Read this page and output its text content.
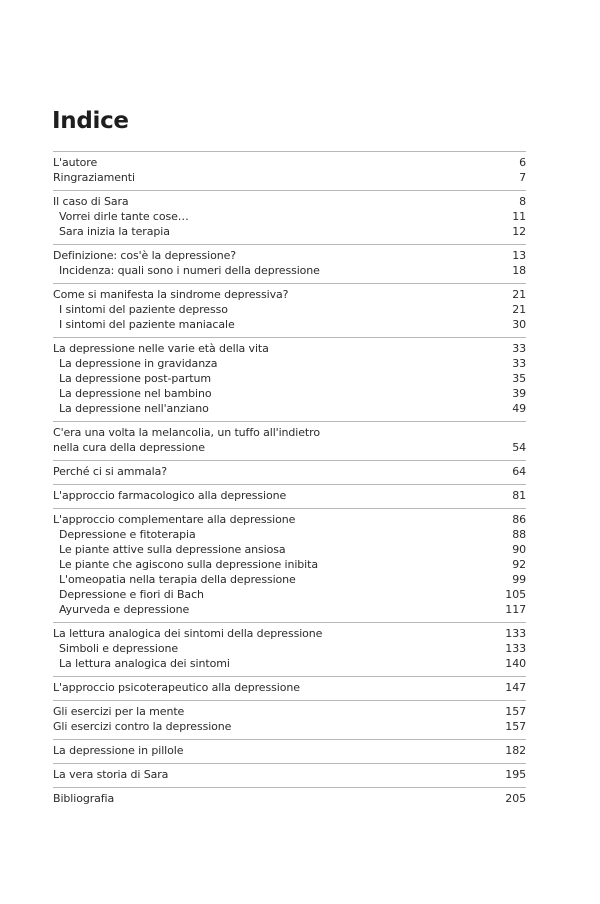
Indice
L'autore	6
Ringraziamenti	7
Il caso di Sara	8
Vorrei dirle tante cose…	11
Sara inizia la terapia	12
Definizione: cos'è la depressione?	13
Incidenza: quali sono i numeri della depressione	18
Come si manifesta la sindrome depressiva?	21
I sintomi del paziente depresso	21
I sintomi del paziente maniacale	30
La depressione nelle varie età della vita	33
La depressione in gravidanza	33
La depressione post-partum	35
La depressione nel bambino	39
La depressione nell'anziano	49
C'era una volta la melancolia, un tuffo all'indietro
nella cura della depressione	54
Perché ci si ammala?	64
L'approccio farmacologico alla depressione	81
L'approccio complementare alla depressione	86
Depressione e fitoterapia	88
Le piante attive sulla depressione ansiosa	90
Le piante che agiscono sulla depressione inibita	92
L'omeopatia nella terapia della depressione	99
Depressione e fiori di Bach	105
Ayurveda e depressione	117
La lettura analogica dei sintomi della depressione	133
Simboli e depressione	133
La lettura analogica dei sintomi	140
L'approccio psicoterapeutico alla depressione	147
Gli esercizi per la mente	157
Gli esercizi contro la depressione	157
La depressione in pillole	182
La vera storia di Sara	195
Bibliografia	205
